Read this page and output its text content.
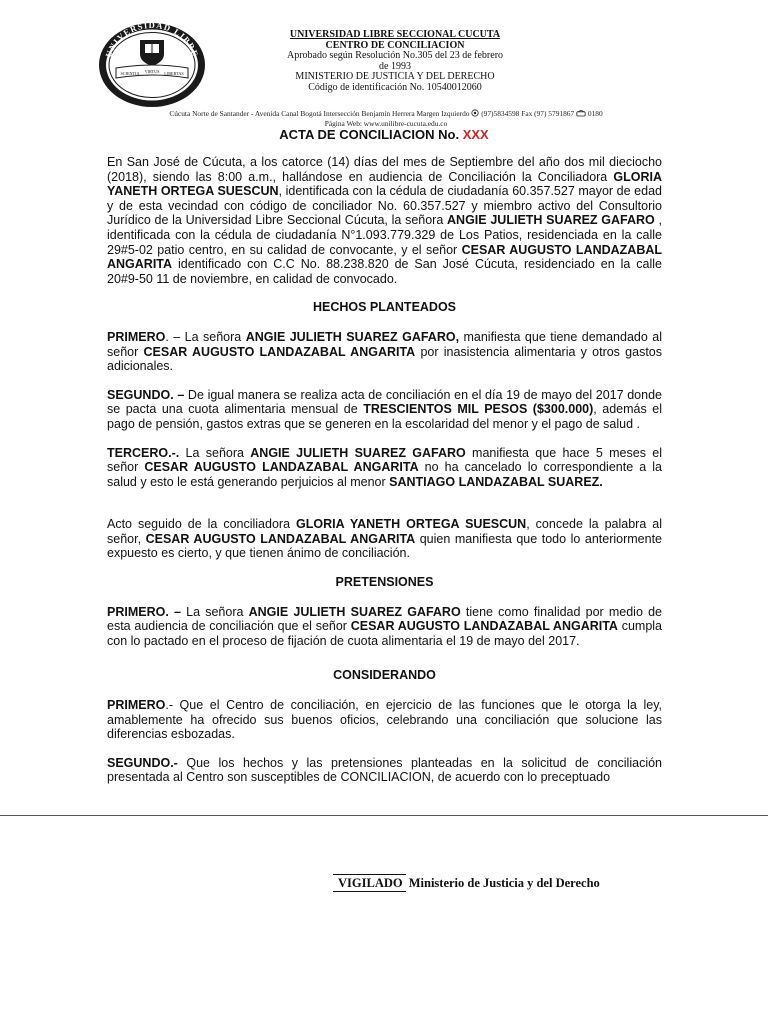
UNIVERSIDAD LIBRE
COLOMBIA
SCIENTIA VIRTUS LIBERTAS
UNIVERSIDAD LIBRE SECCIONAL CUCUTA
CENTRO DE CONCILIACION
Aprobado según Resolución No.305 del 23 de febrero
de 1993
MINISTERIO DE JUSTICIA Y DEL DERECHO
Código de identificación No. 10540012060
Cúcuta Norte de Santander - Avenida Canal Bogotá Intersección Benjamín Herrera Margen Izquierdo  (97)5834598 Fax (97) 5791867  0180
Página Web: www.unilibre-cucuta.edu.co
ACTA DE CONCILIACION No. XXX

En San José de Cúcuta, a los catorce (14) días del mes de Septiembre del año dos mil dieciocho (2018), siendo las 8:00 a.m., hallándose en audiencia de Conciliación la Conciliadora GLORIA YANETH ORTEGA SUESCUN, identificada con la cédula de ciudadanía 60.357.527 mayor de edad y de esta vecindad con código de conciliador No. 60.357.527 y miembro activo del Consultorio Jurídico de la Universidad Libre Seccional Cúcuta, la señora ANGIE JULIETH SUAREZ GAFARO , identificada con la cédula de ciudadanía N°1.093.779.329 de Los Patios, residenciada en la calle 29#5-02 patio centro, en su calidad de convocante, y el señor CESAR AUGUSTO LANDAZABAL ANGARITA identificado con C.C No. 88.238.820 de San José Cúcuta, residenciado en la calle 20#9-50 11 de noviembre, en calidad de convocado.

HECHOS PLANTEADOS

PRIMERO. – La señora ANGIE JULIETH SUAREZ GAFARO, manifiesta que tiene demandado al señor CESAR AUGUSTO LANDAZABAL ANGARITA por inasistencia alimentaria y otros gastos adicionales.

SEGUNDO. – De igual manera se realiza acta de conciliación en el día 19 de mayo del 2017 donde se pacta una cuota alimentaria mensual de TRESCIENTOS MIL PESOS ($300.000), además el pago de pensión, gastos extras que se generen en la escolaridad del menor y el pago de salud .

TERCERO.-. La señora ANGIE JULIETH SUAREZ GAFARO manifiesta que hace 5 meses el señor CESAR AUGUSTO LANDAZABAL ANGARITA no ha cancelado lo correspondiente a la salud y esto le está generando perjuicios al menor SANTIAGO LANDAZABAL SUAREZ.

Acto seguido de la conciliadora GLORIA YANETH ORTEGA SUESCUN, concede la palabra al señor, CESAR AUGUSTO LANDAZABAL ANGARITA quien manifiesta que todo lo anteriormente expuesto es cierto, y que tienen ánimo de conciliación.

PRETENSIONES

PRIMERO. – La señora ANGIE JULIETH SUAREZ GAFARO tiene como finalidad por medio de esta audiencia de conciliación que el señor CESAR AUGUSTO LANDAZABAL ANGARITA cumpla con lo pactado en el proceso de fijación de cuota alimentaria el 19 de mayo del 2017.

CONSIDERANDO

PRIMERO.- Que el Centro de conciliación, en ejercicio de las funciones que le otorga la ley, amablemente ha ofrecido sus buenos oficios, celebrando una conciliación que solucione las diferencias esbozadas.

SEGUNDO.- Que los hechos y las pretensiones planteadas en la solicitud de conciliación presentada al Centro son susceptibles de CONCILIACION, de acuerdo con lo preceptuado

VIGILADO Ministerio de Justicia y del Derecho
